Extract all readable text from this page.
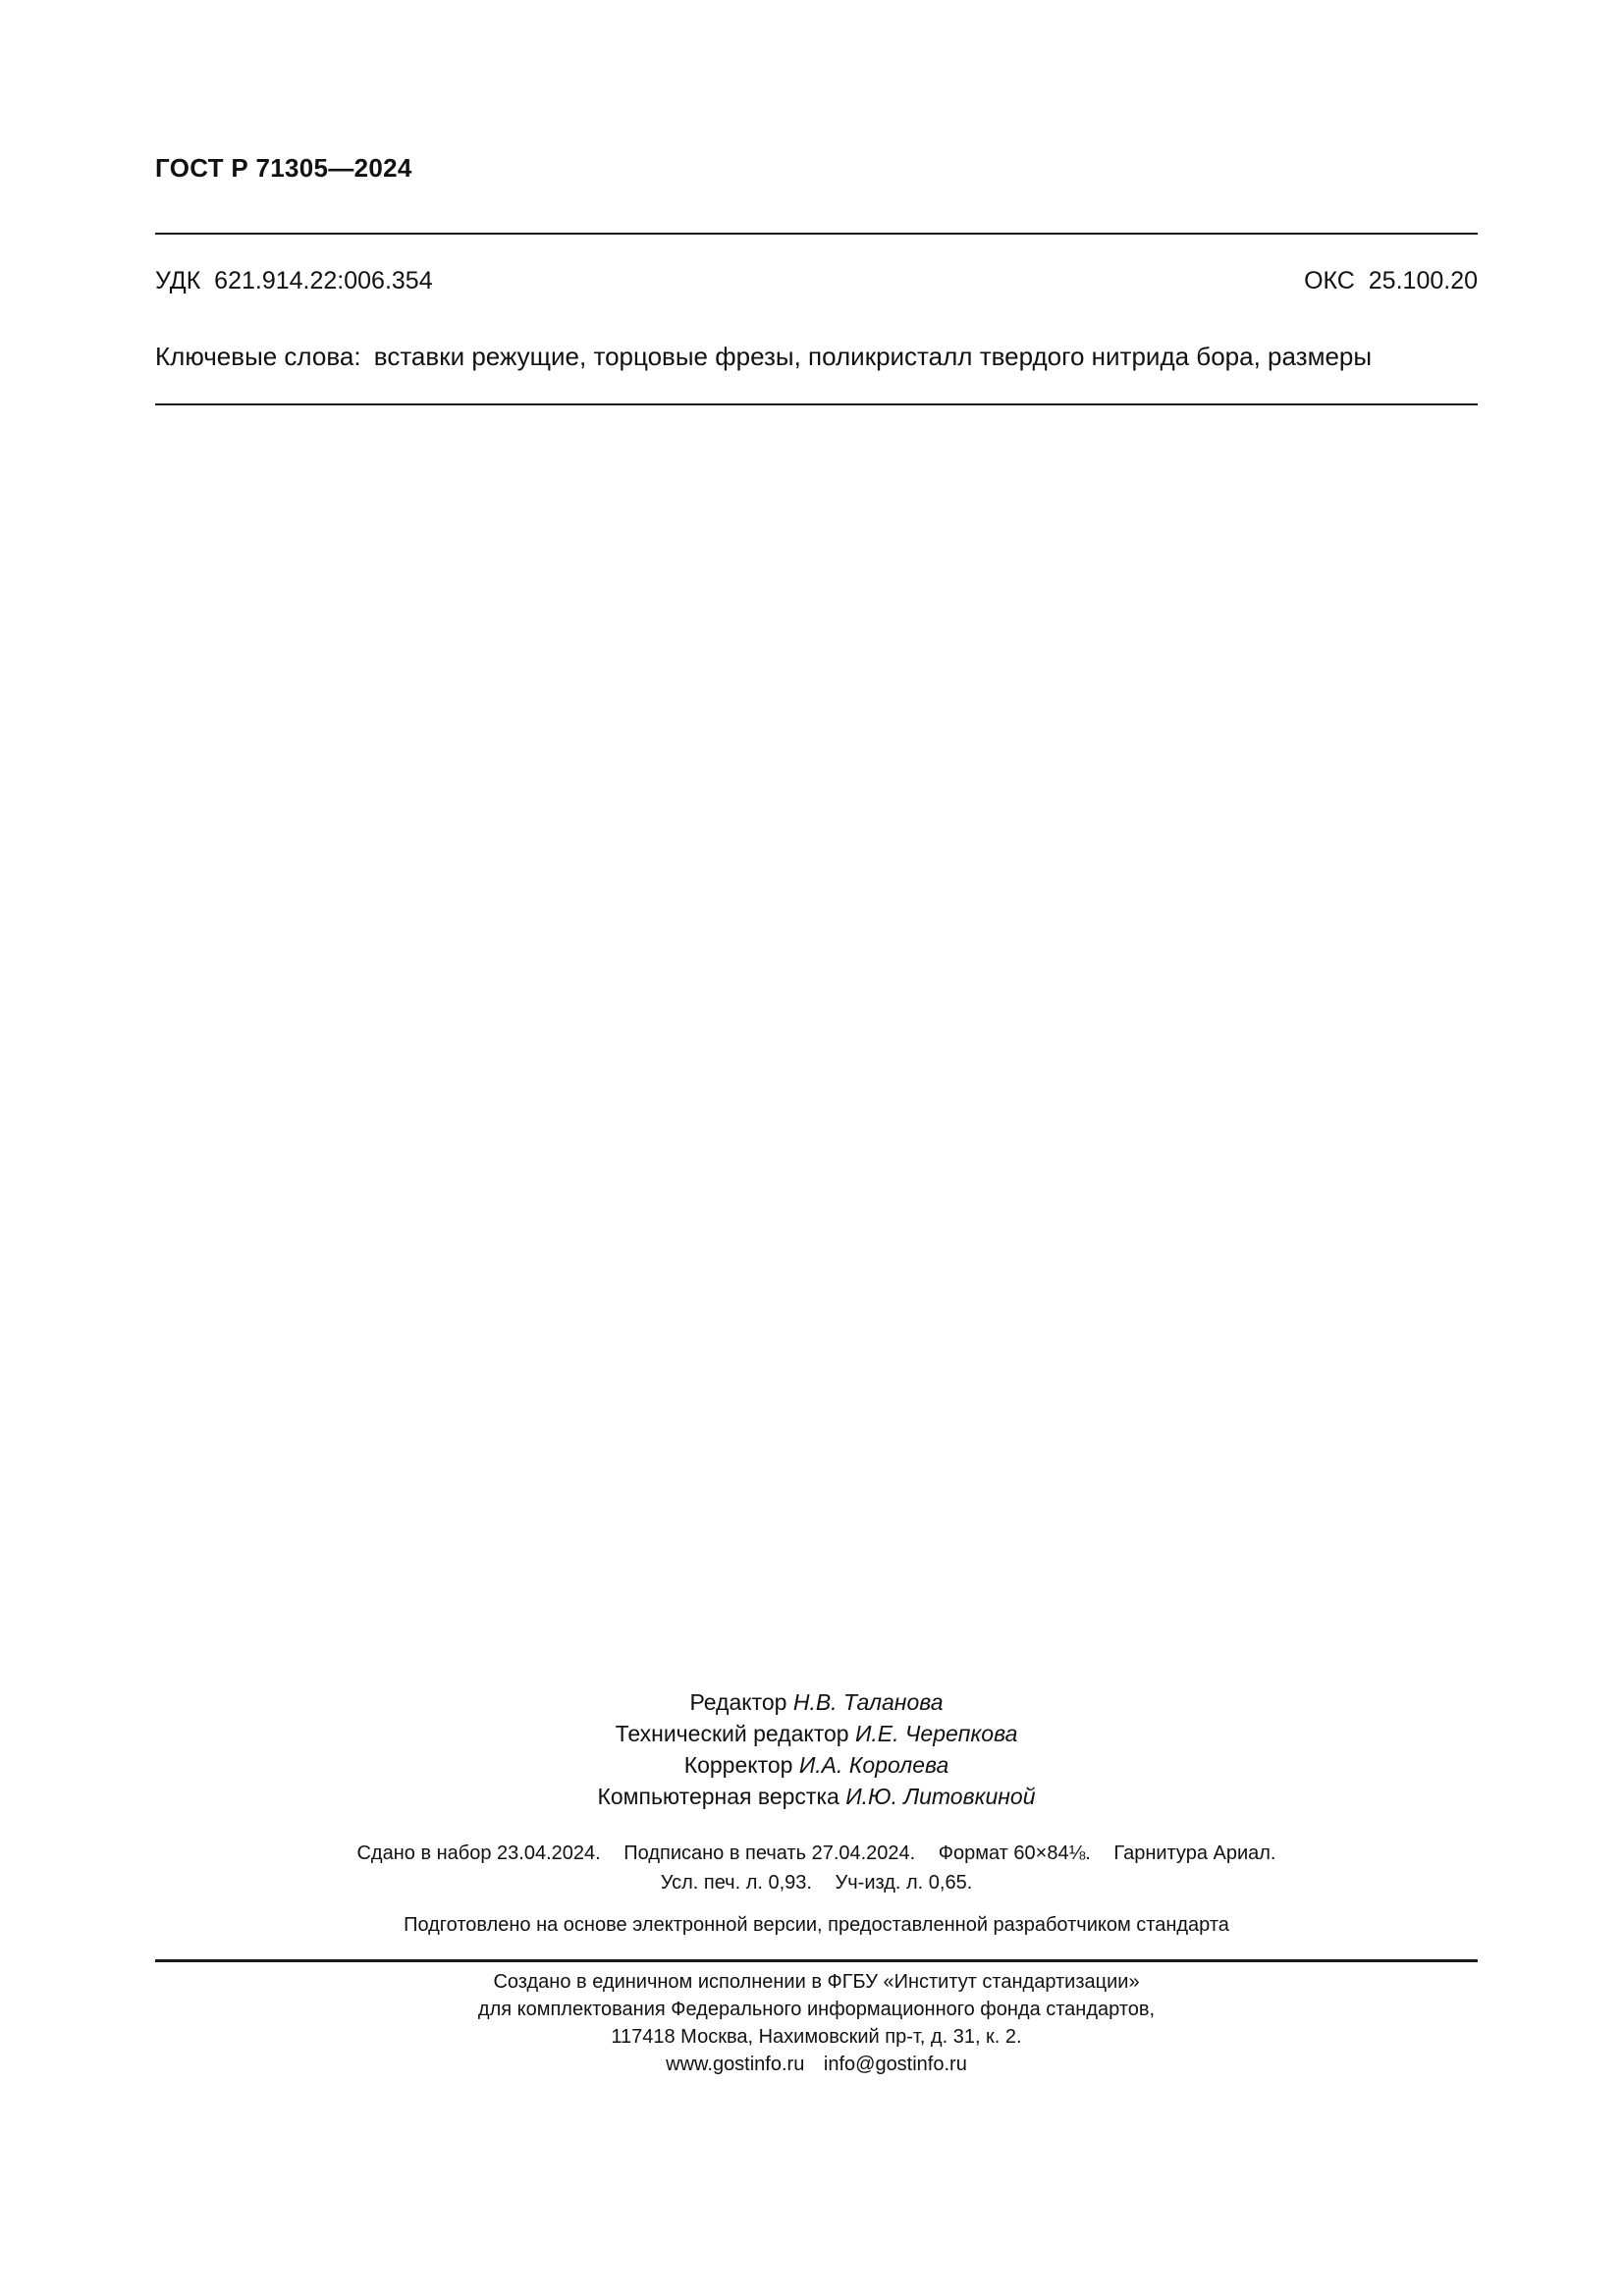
ГОСТ Р 71305—2024
УДК 621.914.22:006.354	ОКС 25.100.20
Ключевые слова: вставки режущие, торцовые фрезы, поликристалл твердого нитрида бора, размеры
Редактор Н.В. Таланова
Технический редактор И.Е. Черепкова
Корректор И.А. Королева
Компьютерная верстка И.Ю. Литовкиной
Сдано в набор 23.04.2024. Подписано в печать 27.04.2024. Формат 60×84⅛. Гарнитура Ариал.
Усл. печ. л. 0,93. Уч-изд. л. 0,65.
Подготовлено на основе электронной версии, предоставленной разработчиком стандарта
Создано в единичном исполнении в ФГБУ «Институт стандартизации»
для комплектования Федерального информационного фонда стандартов,
117418 Москва, Нахимовский пр-т, д. 31, к. 2.
www.gostinfo.ru info@gostinfo.ru
